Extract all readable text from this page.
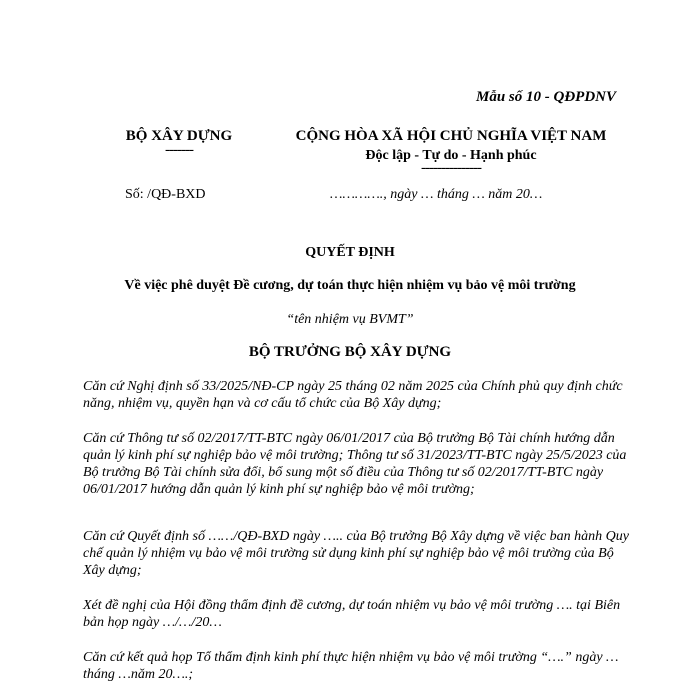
Mẫu số 10 - QĐPDNV
BỘ XÂY DỰNG
-------
CỘNG HÒA XÃ HỘI CHỦ NGHĨA VIỆT NAM
Độc lập - Tự do - Hạnh phúc
---------------
Số: /QĐ-BXD	…………., ngày … tháng … năm 20…
QUYẾT ĐỊNH
Về việc phê duyệt Đề cương, dự toán thực hiện nhiệm vụ bảo vệ môi trường
“tên nhiệm vụ BVMT”
BỘ TRƯỞNG BỘ XÂY DỰNG

Căn cứ Nghị định số 33/2025/NĐ-CP ngày 25 tháng 02 năm 2025 của Chính phủ quy định chức năng, nhiệm vụ, quyền hạn và cơ cấu tổ chức của Bộ Xây dựng;

Căn cứ Thông tư số 02/2017/TT-BTC ngày 06/01/2017 của Bộ trưởng Bộ Tài chính hướng dẫn quản lý kinh phí sự nghiệp bảo vệ môi trường; Thông tư số 31/2023/TT-BTC ngày 25/5/2023 của Bộ trưởng Bộ Tài chính sửa đổi, bổ sung một số điều của Thông tư số 02/2017/TT-BTC ngày 06/01/2017 hướng dẫn quản lý kinh phí sự nghiệp bảo vệ môi trường;

Căn cứ Quyết định số ……/QĐ-BXD ngày ….. của Bộ trưởng Bộ Xây dựng về việc ban hành Quy chế quản lý nhiệm vụ bảo vệ môi trường sử dụng kinh phí sự nghiệp bảo vệ môi trường của Bộ Xây dựng;

Xét đề nghị của Hội đồng thẩm định đề cương, dự toán nhiệm vụ bảo vệ môi trường …. tại Biên bản họp ngày …/…/20…

Căn cứ kết quả họp Tổ thẩm định kinh phí thực hiện nhiệm vụ bảo vệ môi trường “….” ngày …tháng …năm 20….;
